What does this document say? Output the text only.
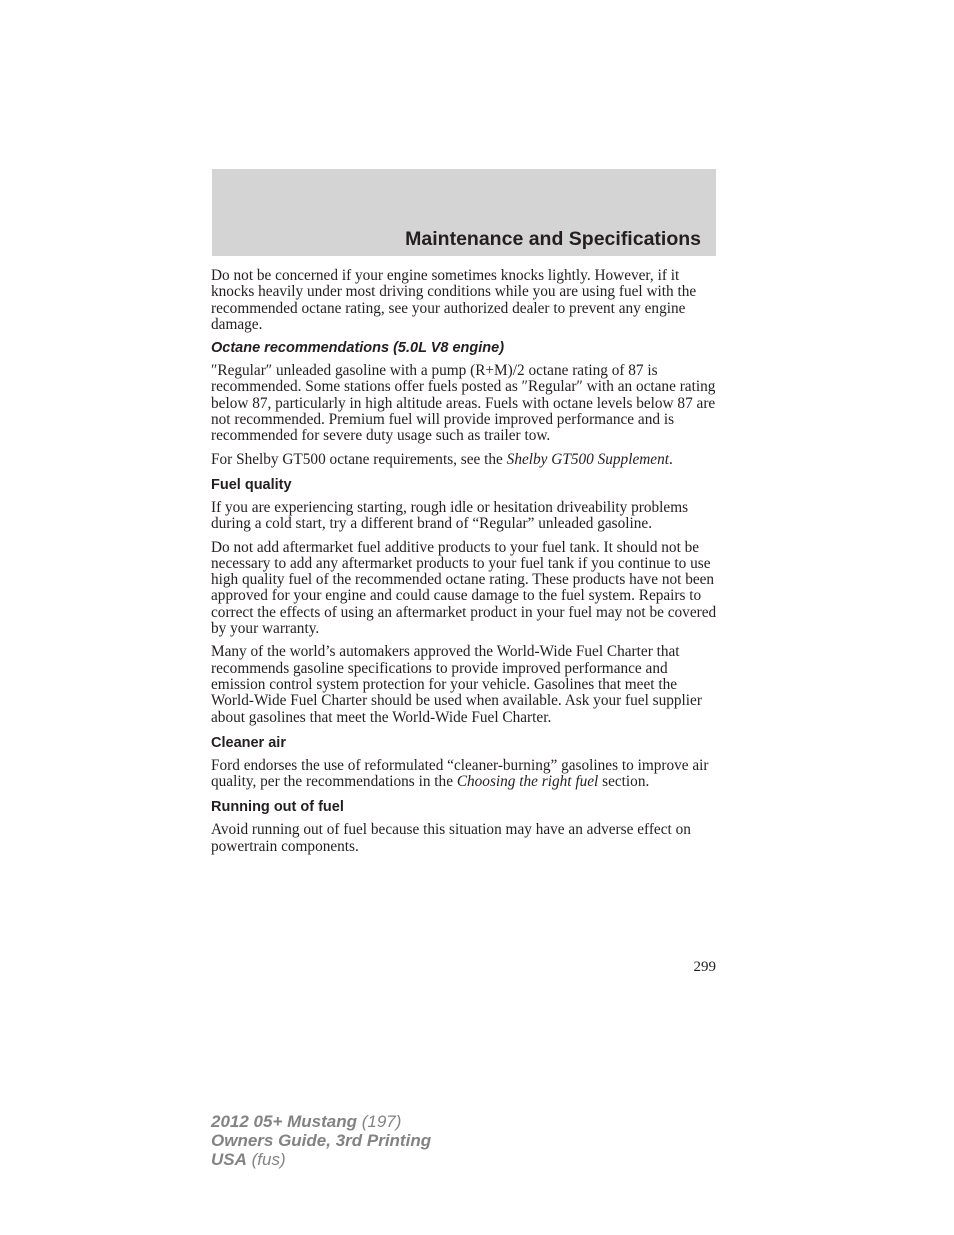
Maintenance and Specifications

Do not be concerned if your engine sometimes knocks lightly. However, if it knocks heavily under most driving conditions while you are using fuel with the recommended octane rating, see your authorized dealer to prevent any engine damage.

Octane recommendations (5.0L V8 engine)

″Regular″ unleaded gasoline with a pump (R+M)/2 octane rating of 87 is recommended. Some stations offer fuels posted as ″Regular″ with an octane rating below 87, particularly in high altitude areas. Fuels with octane levels below 87 are not recommended. Premium fuel will provide improved performance and is recommended for severe duty usage such as trailer tow.

For Shelby GT500 octane requirements, see the Shelby GT500 Supplement.

Fuel quality

If you are experiencing starting, rough idle or hesitation driveability problems during a cold start, try a different brand of “Regular” unleaded gasoline.

Do not add aftermarket fuel additive products to your fuel tank. It should not be necessary to add any aftermarket products to your fuel tank if you continue to use high quality fuel of the recommended octane rating. These products have not been approved for your engine and could cause damage to the fuel system. Repairs to correct the effects of using an aftermarket product in your fuel may not be covered by your warranty.

Many of the world’s automakers approved the World-Wide Fuel Charter that recommends gasoline specifications to provide improved performance and emission control system protection for your vehicle. Gasolines that meet the World-Wide Fuel Charter should be used when available. Ask your fuel supplier about gasolines that meet the World-Wide Fuel Charter.

Cleaner air

Ford endorses the use of reformulated “cleaner-burning” gasolines to improve air quality, per the recommendations in the Choosing the right fuel section.

Running out of fuel

Avoid running out of fuel because this situation may have an adverse effect on powertrain components.

299
2012 05+ Mustang (197)
Owners Guide, 3rd Printing
USA (fus)
